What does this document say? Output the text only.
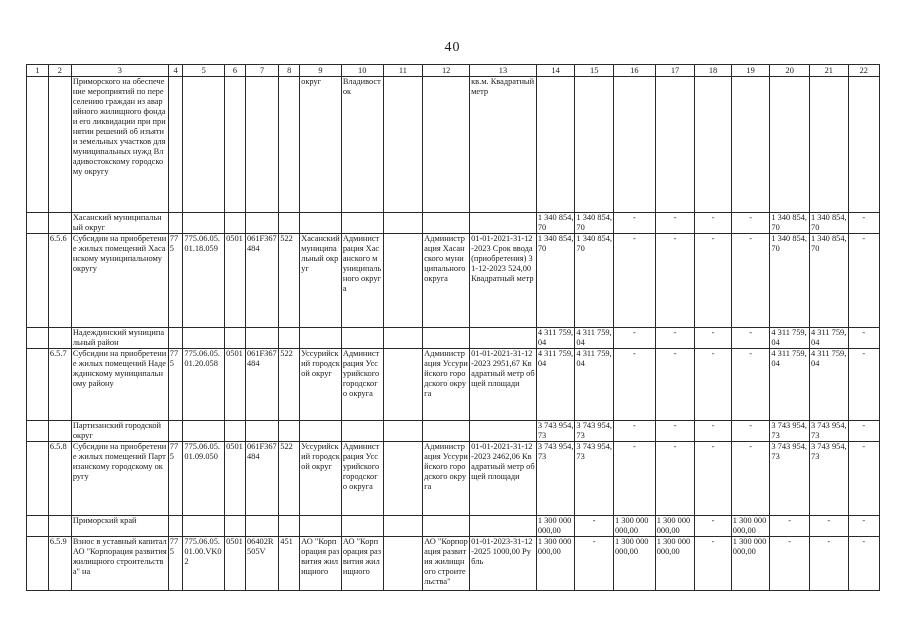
40
1	2	3	4	5	6	7	8	9	10	11	12	13	14	15	16	17	18	19	20	21	22
		Приморского на обеспечение мероприятий по переселению граждан из аварийного жилищного фонда и его ликвидации при принятии решений об изъятии земельных участков для муниципальных нужд Владивостокскому городскому округу						округ	Владивосток			кв.м. Квадратный метр									
		Хасанский муниципальный округ											1 340 854,70	1 340 854,70	-	-	-	-	1 340 854,70	1 340 854,70	-
	6.5.6	Субсидии на приобретение жилых помещений Хасанскому муниципальному округу	775	775.06.05.01.18.059	0501	061F367484	522	Хасанский муниципальный округ	Администрация Хасанского муниципального округа		Администрация Хасанского муниципального округа	01-01-2021-31-12-2023 Срок ввода (приобретения) 31-12-2023 524,00 Квадратный метр	1 340 854,70	1 340 854,70	-	-	-	-	1 340 854,70	1 340 854,70	-
		Надеждинский муниципальный район											4 311 759,04	4 311 759,04	-	-	-	-	4 311 759,04	4 311 759,04	-
	6.5.7	Субсидии на приобретение жилых помещений Надеждинскому муниципальному району	775	775.06.05.01.20.058	0501	061F367484	522	Уссурийский городской округ	Администрация Уссурийского городского округа		Администрация Уссурийского городского округа	01-01-2021-31-12-2023 2951,67 Квадратный метр общей площади	4 311 759,04	4 311 759,04	-	-	-	-	4 311 759,04	4 311 759,04	-
		Партизанский городской округ											3 743 954,73	3 743 954,73	-	-	-	-	3 743 954,73	3 743 954,73	-
	6.5.8	Субсидии на приобретение жилых помещений Партизанскому городскому округу	775	775.06.05.01.09.050	0501	061F367484	522	Уссурийский городской округ	Администрация Уссурийского городского округа		Администрация Уссурийского городского округа	01-01-2021-31-12-2023 2462,06 Квадратный метр общей площади	3 743 954,73	3 743 954,73	-	-	-	-	3 743 954,73	3 743 954,73	-
		Приморский край											1 300 000 000,00	-	1 300 000 000,00	1 300 000 000,00	-	1 300 000 000,00	-	-	-
	6.5.9	Взнос в уставный капитал АО "Корпорация развития жилищного строительства" на	775	775.06.05.01.00.VK02	0501	06402R505V	451	АО "Корпорация развития жилищного	АО "Корпорация развития жилищного		АО "Корпорация развития жилищного строительства"	01-01-2023-31-12-2025 1000,00 Рубль	1 300 000 000,00	-	1 300 000 000,00	1 300 000 000,00	-	1 300 000 000,00	-	-	-
